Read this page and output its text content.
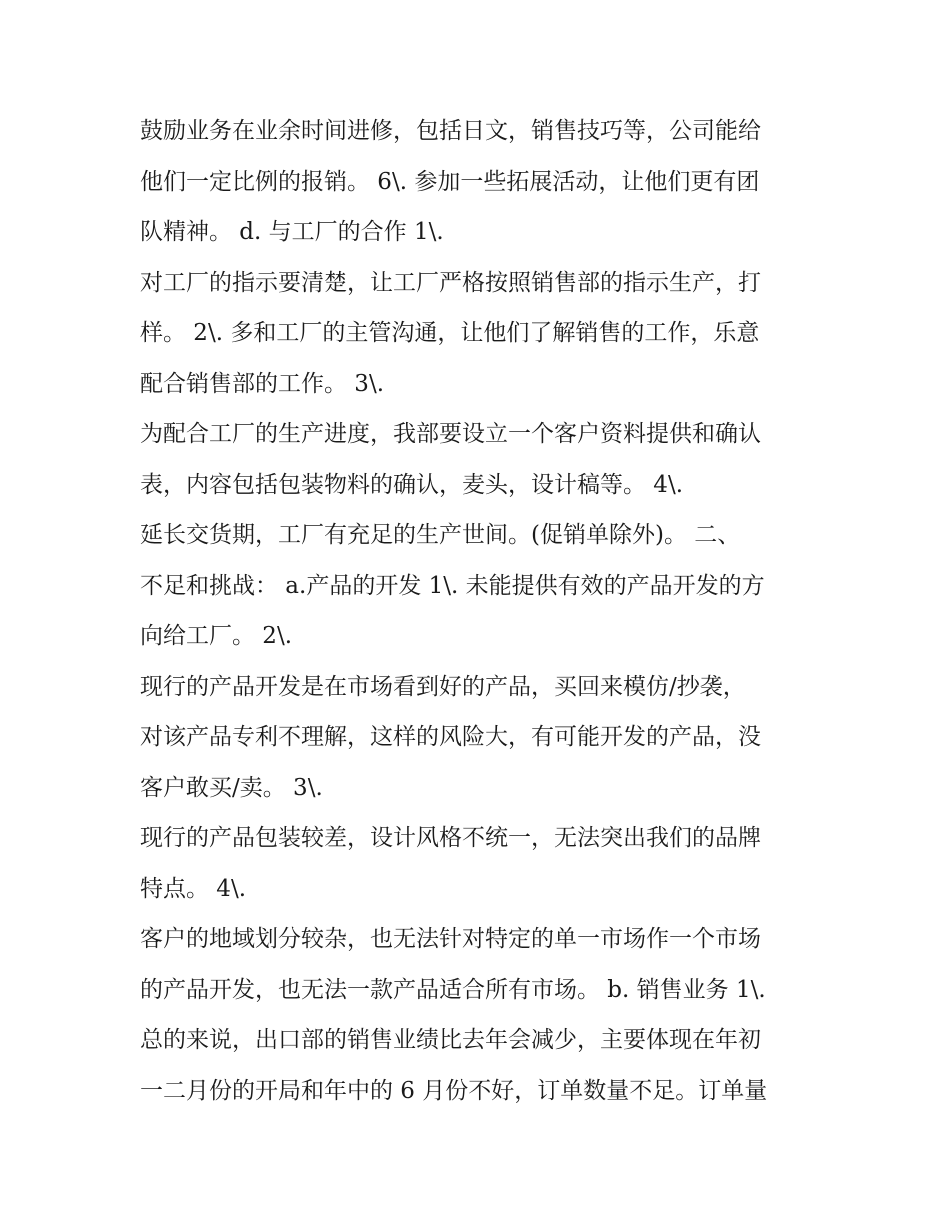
鼓励业务在业余时间进修，包括日文，销售技巧等，公司能给
他们一定比例的报销。 6\. 参加一些拓展活动，让他们更有团
队精神。 d. 与工厂的合作 1\.
对工厂的指示要清楚，让工厂严格按照销售部的指示生产，打
样。 2\. 多和工厂的主管沟通，让他们了解销售的工作，乐意
配合销售部的工作。 3\.
为配合工厂的生产进度，我部要设立一个客户资料提供和确认
表，内容包括包装物料的确认，麦头，设计稿等。 4\.
延长交货期，工厂有充足的生产世间。(促销单除外)。 二、
不足和挑战： a.产品的开发 1\. 未能提供有效的产品开发的方
向给工厂。 2\.
现行的产品开发是在市场看到好的产品，买回来模仿/抄袭，
对该产品专利不理解，这样的风险大，有可能开发的产品，没
客户敢买/卖。 3\.
现行的产品包装较差，设计风格不统一，无法突出我们的品牌
特点。 4\.
客户的地域划分较杂，也无法针对特定的单一市场作一个市场
的产品开发，也无法一款产品适合所有市场。 b. 销售业务 1\.
总的来说，出口部的销售业绩比去年会减少，主要体现在年初
一二月份的开局和年中的 6 月份不好，订单数量不足。订单量
